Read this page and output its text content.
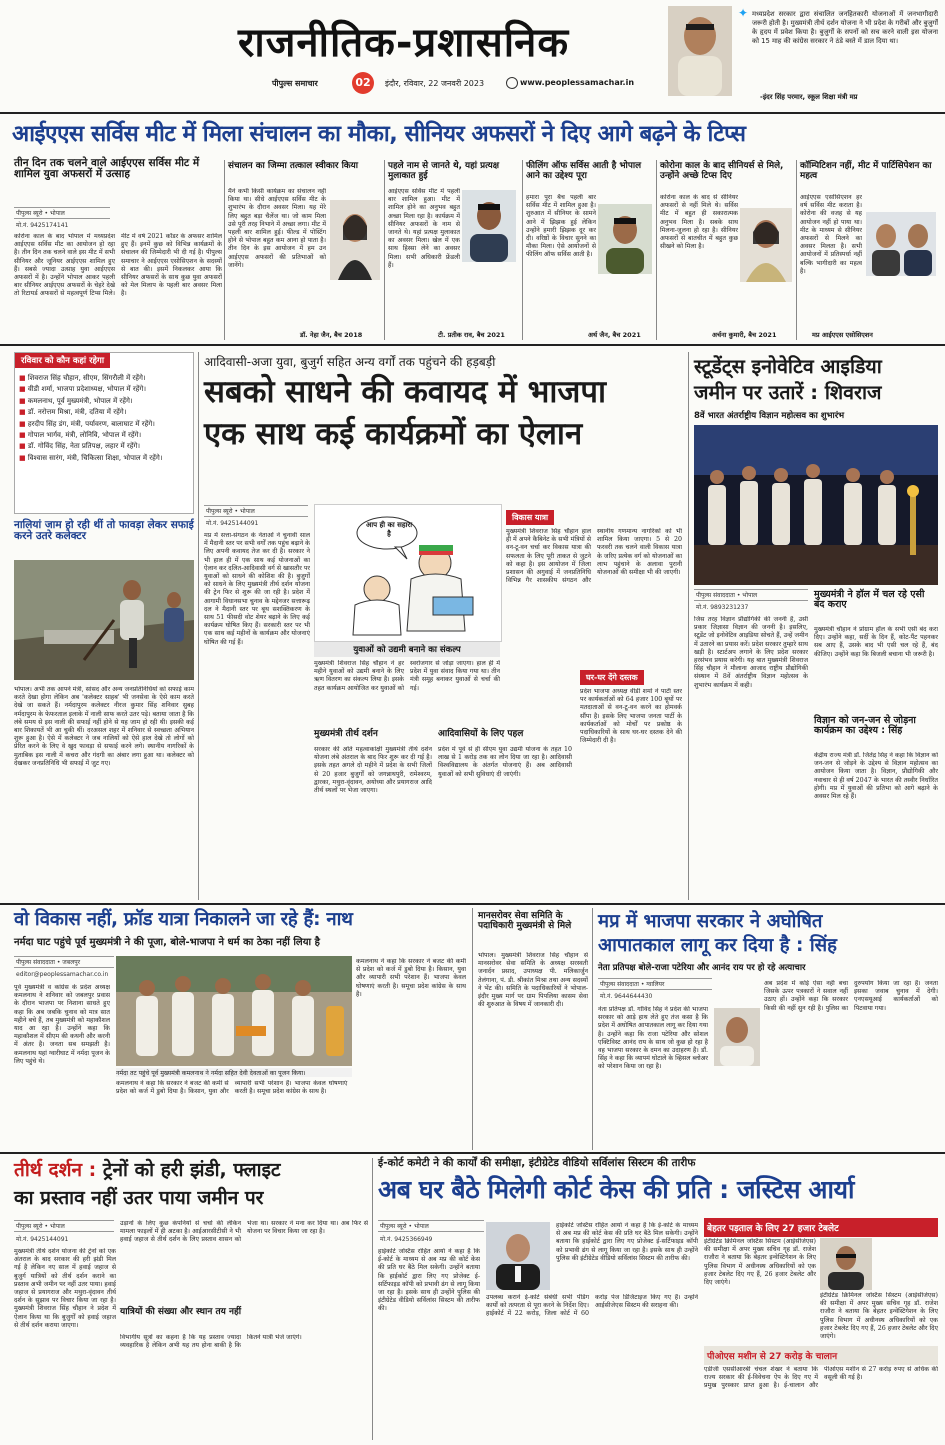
राजनीतिक-प्रशासनिक
पीपुल्स समाचार	02	इंदौर, रविवार, 22 जनवरी 2023	www.peoplessamachar.in
✦ मध्यप्रदेश सरकार द्वारा संचालित जनहितकारी योजनाओं में जनभागीदारी जरूरी होती है। मुख्यमंत्री तीर्थ दर्शन योजना ने भी प्रदेश के गरीबों और बुजुर्गों के हृदय में प्रवेश किया है। बुजुर्गों के सपनों को सच करने वाली इस योजना को 15 माह की कांग्रेस सरकार ने ठंडे बस्ते में डाल दिया था।
-इंदर सिंह परमार, स्कूल शिक्षा मंत्री मप्र
आईएएस सर्विस मीट में मिला संचालन का मौका, सीनियर अफसरों ने दिए आगे बढ़ने के टिप्स
तीन दिन तक चलने वाले आईएएस सर्विस मीट में शामिल युवा अफसरों में उत्साह
पीपुल्स ब्यूरो • भोपाल
मो.नं. 9425174141
कोरोना काल के बाद भोपाल में मध्यप्रदेश आईएएस सर्विस मीट का आयोजन हो रहा है। तीन दिन तक चलने वाले इस मीट में सभी सीनियर और जूनियर आईएएस शामिल हुए हैं। सबसे ज्यादा उत्साह युवा आईएएस अफसरों में है। उन्होंने भोपाल आकर पहली बार सीनियर आईएएस अफसरों के चेहरे देखे तो रिटायर्ड अफसरों से महत्वपूर्ण टिप्स मिले। मीट में वर्ष 2021 कॉडर के अफसर शामिल हुए हैं। इनमें कुछ को विभिन्न कार्यक्रमों के संचालन की जिम्मेदारी भी दी गई है। पीपुल्स समाचार ने आईएएस एसोसिएशन के सदस्यों से बात की। इसमें निकलकर आया कि सीनियर अफसरों के साथ कुछ युवा अफसरों को मेल मिलाप के पहली बार अवसर मिला है।
संचालन का जिम्मा तत्काल स्वीकार किया
मैंने कभी किसी कार्यक्रम का संचालन नहीं किया था। सीधे आईएएस सर्विस मीट के शुभारंभ के दौरान अवसर मिला। यह मेरे लिए बहुत बड़ा चैलेंज था। जो काम मिला उसे पूरी तरह निभाने में अच्छा लगा। मीट में पहली बार शामिल हुई। फील्ड में पोस्टिंग होने से भोपाल बहुत कम आना हो पाता है। तीन दिन के इस आयोजन में हम उन आईएएस अफसरों की प्रतिभाओं को जानेंगे।
डॉ. नेहा जैन, बैच 2018
पहले नाम से जानते थे, यहां प्रत्यक्ष मुलाकात हुई
आईएएस सर्विस मीट में पहली बार शामिल हुआ। मीट में शामिल होने का अनुभव बहुत अच्छा मिला रहा है। कार्यक्रम में सीनियर अफसरों के नाम से जानते थे। यहां प्रत्यक्ष मुलाकात का अवसर मिला। खेल में एक साथ हिस्सा लेने का अवसर मिला। सभी अधिकारी फ्रेंडली हैं।
टी. प्रतीक राव, बैच 2021
फीलिंग ऑफ सर्विस आती है भोपाल आने का उद्देश्य पूरा
हमारा पूरा बैच पहली बार सर्विस मीट में शामिल हुआ है। शुरुआत में सीनियर के सामने आने में झिझक हुई लेकिन उन्होंने हमारी झिझक दूर कर दी। वरिष्ठों के विचार सुनने का मौका मिला। ऐसे आयोजनों से फीलिंग ऑफ सर्विस आती है।
अर्थ जैन, बैच 2021
कोरोना काल के बाद सीनियर्स से मिले, उन्होंने अच्छे टिप्स दिए
कोरोना काल के बाद से सीनियर अफसरों से नहीं मिले थे। सर्विस मीट में बहुत ही सकारात्मक अनुभव मिला है। सबके साथ मिलना-जुलना हो रहा है। सीनियर अफसरों से बातचीत में बहुत कुछ सीखने को मिला है।
अर्चना कुमारी, बैच 2021
कॉम्पिटिशन नहीं, मीट में पार्टिसिपेशन का महत्व
आईएएस एसोसिएशन हर वर्ष सर्विस मीट कराता है। कोरोना की वजह से यह आयोजन नहीं हो पाया था। मीट के माध्यम से सीनियर अफसरों से मिलने का अवसर मिलता है। सभी आयोजनों में प्रतिस्पर्धा नहीं बल्कि भागीदारी का महत्व है।
मप्र आईएएस एसोसिएशन
रविवार को कौन कहां रहेगा
■ शिवराज सिंह चौहान, सीएम, सिंगरौली में रहेंगे।
■ वीडी शर्मा, भाजपा प्रदेशाध्यक्ष, भोपाल में रहेंगे।
■ कमलनाथ, पूर्व मुख्यमंत्री, भोपाल में रहेंगे।
■ डॉ. नरोत्तम मिश्रा, मंत्री, दतिया में रहेंगे।
■ हरदीप सिंह डंग, मंत्री, पर्यावरण, बालाघाट में रहेंगे।
■ गोपाल भार्गव, मंत्री, लोनिवि, भोपाल में रहेंगे।
■ डॉ. गोविंद सिंह, नेता प्रतिपक्ष, लहार में रहेंगे।
■ विश्वास सारंग, मंत्री, चिकित्सा शिक्षा, भोपाल में रहेंगे।
नालियां जाम हो रही थीं तो फावड़ा लेकर सफाई करने उतरे कलेक्टर
भोपाल। अभी तक आपने मंत्री, सांसद और अन्य जनप्रतिनिधियों को सफाई काम करते देखा होगा लेकिन अब 'कलेक्टर साहब' भी जनसेवा के ऐसे काम करते देखे जा सकते हैं। नर्मदापुरम कलेक्टर नीरज कुमार सिंह शनिवार सुबह नर्मदापुरम के फेफरताल इलाके में नाली साफ करते उतर पड़े। बताया जाता है कि लंबे समय से इस नाली की सफाई नहीं होने से यह जाम हो रही थी। इसकी कई बार शिकायतें भी आ चुकी थीं। दरअसल शहर में शनिवार से स्वच्छता अभियान शुरू हुआ है। ऐसे में कलेक्टर ने जब नालियों को ऐसे हाल देखे तो लोगों को प्रेरित करने के लिए वे खुद फावड़ा से सफाई करने लगे। स्थानीय नागरिकों के मुताबिक इस नाली में कचरा और गंदगी का अंबार लगा हुआ था। कलेक्टर को देखकर जनप्रतिनिधि भी सफाई में जुट गए।
आदिवासी-अजा युवा, बुजुर्ग सहित अन्य वर्गों तक पहुंचने की हड़बड़ी
सबको साधने की कवायद में भाजपा
एक साथ कई कार्यक्रमों का ऐलान
पीपुल्स ब्यूरो • भोपाल
मो.नं. 9425144091
मप्र में सत्ता-संगठन के नेताओं ने चुनावी साल में मैदानी स्तर पर सभी वर्गों तक पहुंच बढ़ाने के लिए अपनी कवायद तेज कर दी है। सरकार ने भी हाल ही में एक साथ कई योजनाओं का ऐलान कर दलित-आदिवासी वर्ग से खासतौर पर युवाओं को साधने की कोशिश की है। बुजुर्गों को साधने के लिए मुख्यमंत्री तीर्थ दर्शन योजना की ट्रेन फिर से शुरू की जा रही है। प्रदेश में आगामी विधानसभा चुनाव के मद्देनजर सत्तारूढ़ दल ने मैदानी स्तर पर बूथ सशक्तिकरण के साथ 51 फीसदी वोट शेयर बढ़ाने के लिए कई कार्यक्रम घोषित किए हैं। सरकारी स्तर पर भी एक साथ कई महीनों के कार्यक्रम और योजनाएं घोषित की गई हैं।
आप ही का सहारा है
युवाओं को उद्यमी बनाने का संकल्प
मुख्यमंत्री शिवराज सिंह चौहान ने हर महीने युवाओं को उद्यमी बनाने के लिए ऋण वितरण का संकल्प लिया है। इसके तहत कार्यक्रम आयोजित कर युवाओं को स्वरोजगार से जोड़ा जाएगा। हाल ही में प्रदेश में युवा संवाद किया गया था। तीन मंत्री समूह बनाकर युवाओं से चर्चा की गई।
मुख्यमंत्री तीर्थ दर्शन
सरकार की अति महत्वाकांक्षी मुख्यमंत्री तीर्थ दर्शन योजना लंबे अंतराल के बाद फिर शुरू कर दी गई है। इसके तहत अगले दो महीने में प्रदेश के सभी जिलों से 20 हजार बुजुर्गों को जगन्नाथपुरी, रामेश्वरम, द्वारका, मथुरा-वृंदावन, अयोध्या और प्रयागराज आदि तीर्थ स्थलों पर भेजा जाएगा।
आदिवासियों के लिए पहल
प्रदेश में पूर्व से ही सीएम युवा उद्यमी योजना के तहत 10 लाख से 1 करोड़ तक का लोन दिया जा रहा है। आदिवासी विश्वविद्यालय के अंतर्गत योजनाएं हैं। अब आदिवासी युवाओं को सभी सुविधाएं दी जाएंगी।
विकास यात्रा
मुख्यमंत्री शिवराज सिंह चौहान हाल ही में अपने कैबिनेट के सभी मंत्रियों से वन-टू-वन चर्चा कर विकास यात्रा की सफलता के लिए पूरी ताकत से जुटने को कहा है। इस आयोजन में जिला प्रशासन की अगुवाई में जनप्रतिनिधि विभिन्न गैर शासकीय संगठन और स्थानीय गणमान्य नागरिकों को भी शामिल किया जाएगा। 5 से 20 फरवरी तक चलने वाली विकास यात्रा के जरिए प्रत्येक वर्ग को योजनाओं का लाभ पहुंचाने के अलावा पुरानी योजनाओं की समीक्षा भी की जाएगी।
घर-घर देंगे दस्तक
प्रदेश भाजपा अध्यक्ष वीडी शर्मा ने पार्टी स्तर पर कार्यकर्ताओं को 64 हजार 100 बूथों पर मतदाताओं से वन-टू-वन करने का होमवर्क सौंपा है। इसके लिए भाजपा जनता पार्टी के कार्यकर्ताओं को मोर्चों पर प्रकोष्ठ के पदाधिकारियों के साथ घर-घर दस्तक देने की जिम्मेदारी दी है।
स्टूडेंट्स इनोवेटिव आइडिया
जमीन पर उतारें : शिवराज
8वें भारत अंतर्राष्ट्रीय विज्ञान महोत्सव का शुभारंभ
पीपुल्स संवाददाता • भोपाल
मो.नं. 9893231237
मुख्यमंत्री ने हॉल में चल रहे एसी बंद कराए
मुख्यमंत्री चौहान ने प्रोग्राम हॉल के सभी एसी बंद करा दिए। उन्होंने कहा, सर्दी के दिन हैं, कोट-पैंट पहनकर सब आए हैं, उसके बाद भी एसी चल रहे हैं, बंद कीजिए। उन्होंने कहा कि बिजली बचाना भी जरूरी है।
जिस तरह विज्ञान प्रौद्योगिकी की जननी है, उसी प्रकार जिज्ञासा विज्ञान की जननी है। इसलिए, स्टूडेंट जो इनोवेटिव आइडिया सोचते हैं, उन्हें जमीन में उतारने का प्रयास करें। प्रदेश सरकार तुम्हारे साथ खड़ी है। स्टार्टअप लगाने के लिए प्रदेश सरकार हरसंभव प्रयास करेगी। यह बात मुख्यमंत्री शिवराज सिंह चौहान ने मौलाना आजाद राष्ट्रीय प्रौद्योगिकी संस्थान में 8वें अंतर्राष्ट्रीय विज्ञान महोत्सव के शुभारंभ कार्यक्रम में कही।
विज्ञान को जन-जन से जोड़ना कार्यक्रम का उद्देश्य : सिंह
केंद्रीय राज्य मंत्री डॉ. जितेंद्र सिंह ने कहा कि विज्ञान को जन-जन से जोड़ने के उद्देश्य से विज्ञान महोत्सव का आयोजन किया जाता है। विज्ञान, प्रौद्योगिकी और नवाचार से ही वर्ष 2047 के भारत की तस्वीर निर्धारित होगी। मप्र में युवाओं की प्रतिभा को आगे बढ़ाने के अवसर मिल रहे हैं।
वो विकास नहीं, फ्रॉड यात्रा निकालने जा रहे हैं: नाथ
नर्मदा घाट पहुंचे पूर्व मुख्यमंत्री ने की पूजा, बोले-भाजपा ने धर्म का ठेका नहीं लिया है
पीपुल्स संवाददाता • जबलपुर
editor@peoplessamachar.co.in
पूर्व मुख्यमंत्री व कांग्रेस के प्रदेश अध्यक्ष कमलनाथ ने शनिवार को जबलपुर प्रवास के दौरान भाजपा पर निशाना साधते हुए कहा कि अब जबकि चुनाव को मात्र सात महीने बचे हैं, तब मुख्यमंत्री को महाकौशल याद आ रहा है। उन्होंने कहा कि महाकौशल में सीएम की कथनी और करनी में अंतर है। जनता सब समझती है। कमलनाथ यहां ग्वारीघाट में नर्मदा पूजन के लिए पहुंचे थे।
नर्मदा तट पहुंचे पूर्व मुख्यमंत्री कमलनाथ ने नर्मदा सहित देवी देवताओं का पूजन किया।
कमलनाथ ने कहा कि सरकार ने बजट की कमी से प्रदेश को कर्ज में डुबो दिया है। किसान, युवा और व्यापारी सभी परेशान हैं। भाजपा केवल घोषणाएं करती है। समूचा प्रदेश कांग्रेस के साथ है।
कमलनाथ ने कहा कि सरकार ने बजट की कमी से प्रदेश को कर्ज में डुबो दिया है। किसान, युवा और व्यापारी सभी परेशान हैं। भाजपा केवल घोषणाएं करती है। समूचा प्रदेश कांग्रेस के साथ है।
मानसरोवर सेवा समिति के पदाधिकारी मुख्यमंत्री से मिले
भोपाल। मुख्यमंत्री शिवराज सिंह चौहान से मानसरोवर सेवा समिति के अध्यक्ष सरस्वती जनार्दन प्रसाद, उपाध्यक्ष पी. मलिकार्जुन तेलंगाना, पं. डी. श्रीकांत मिश्रा तथा अन्य सदस्यों ने भेंट की। समिति के पदाधिकारियों ने भोपाल-इंदौर मुख्य मार्ग पर ग्राम पिपलिया कासम सेवा की शुरुआत के विषय में जानकारी दी।
मप्र में भाजपा सरकार ने अघोषित
आपातकाल लागू कर दिया है : सिंह
नेता प्रतिपक्ष बोले-राजा पटेरिया और आनंद राय पर हो रहे अत्याचार
पीपुल्स संवाददाता • ग्वालियर
मो.नं. 9644644430
नेता प्रतिपक्ष डॉ. गोविंद सिंह ने प्रदेश की भाजपा सरकार को आड़े हाथ लेते हुए तंज कसा है कि प्रदेश में अघोषित आपातकाल लागू कर दिया गया है। उन्होंने कहा कि राजा पटेरिया और सोशल एक्टिविस्ट आनंद राय के साथ जो कुछ हो रहा है वह भाजपा सरकार के दमन का उदाहरण है। डॉ. सिंह ने कहा कि व्यापमं घोटाले के व्हिसल ब्लोअर को परेशान किया जा रहा है।
अब प्रदेश में कोई ऐसा नहीं बचा जिसके ऊपर पत्रकारों ने सवाल नहीं उठाए हों। उन्होंने कहा कि सरकार किसी की नहीं सुन रही है। पुलिस का दुरुपयोग किया जा रहा है। जनता इसका जवाब चुनाव में देगी। एनएसयूआई कार्यकर्ताओं को पिटवाया गया।
तीर्थ दर्शन : ट्रेनों को हरी झंडी, फ्लाइट
का प्रस्ताव नहीं उतर पाया जमीन पर
पीपुल्स ब्यूरो • भोपाल
मो.नं. 9425144091
मुख्यमंत्री तीर्थ दर्शन योजना की ट्रेनों को एक अंतराल के बाद सरकार की हरी झंडी मिल गई है लेकिन नए साल में हवाई जहाज से बुजुर्ग यात्रियों को तीर्थ दर्शन कराने का प्रस्ताव अभी जमीन पर नहीं उतर पाया। हवाई जहाज से प्रयागराज और मथुरा-वृंदावन तीर्थ दर्शन के सुझाव पर विचार किया जा रहा है। मुख्यमंत्री शिवराज सिंह चौहान ने प्रदेश में ऐलान किया था कि बुजुर्गों को हवाई जहाज से तीर्थ दर्शन कराया जाएगा।
उड़ानों के लिए कुछ कंपनियों से चर्चा की लेकिन मामला फाइलों में ही अटका है। आईआरसीटीसी ने भी हवाई जहाज से तीर्थ दर्शन के लिए प्रस्ताव शासन को भेजा था। सरकार ने मना कर दिया था। अब फिर से योजना पर विचार किया जा रहा है।
यात्रियों की संख्या और स्थान तय नहीं
विभागीय सूत्रों का कहना है कि यह प्रस्ताव ज्यादा व्यवहारिक है लेकिन अभी यह तय होना बाकी है कि कितने यात्री भेजे जाएंगे।
ई-कोर्ट कमेटी ने की कार्यों की समीक्षा, इंटीग्रेटेड वीडियो सर्विलांस सिस्टम की तारीफ
अब घर बैठे मिलेगी कोर्ट केस की प्रति : जस्टिस आर्या
पीपुल्स ब्यूरो • भोपाल
मो.नं. 9425366949
हाईकोर्ट जस्टिस रोहित आर्या ने कहा है कि ई-कोर्ट के माध्यम से अब मप्र की कोर्ट केस की प्रति घर बैठे मिल सकेगी। उन्होंने बताया कि हाईकोर्ट द्वारा लिए गए प्रोजेक्ट ई-सर्टिफाइड कॉपी को प्रभावी ढंग से लागू किया जा रहा है। इसके साथ ही उन्होंने पुलिस की इंटीग्रेटेड वीडियो सर्विलांस सिस्टम की तारीफ की।
उपलब्ध कराने ई-कोर्ट संबंधी सभी पेंडिंग कार्यों को तत्परता से पूरा करने के निर्देश दिए। हाईकोर्ट में 22 करोड़, जिला कोर्ट में 60 करोड़ पेज डिजिटाइज किए गए हैं। उन्होंने आईसीजेएस सिस्टम की सराहना की।
हाईकोर्ट जस्टिस रोहित आर्या ने कहा है कि ई-कोर्ट के माध्यम से अब मप्र की कोर्ट केस की प्रति घर बैठे मिल सकेगी। उन्होंने बताया कि हाईकोर्ट द्वारा लिए गए प्रोजेक्ट ई-सर्टिफाइड कॉपी को प्रभावी ढंग से लागू किया जा रहा है। इसके साथ ही उन्होंने पुलिस की इंटीग्रेटेड वीडियो सर्विलांस सिस्टम की तारीफ की।
बेहतर पड़ताल के लिए 27 हजार टेबलेट
इंटीग्रेटेड क्रिमिनल जस्टिस सिस्टम (आईसीजेएस) की समीक्षा में अपर मुख्य सचिव गृह डॉ. राजेश राजौरा ने बताया कि बेहतर इन्वेस्टिगेशन के लिए पुलिस विभाग में अधीनस्थ अधिकारियों को एक हजार टेबलेट दिए गए हैं, 26 हजार टेबलेट और दिए जाएंगे।
इंटीग्रेटेड क्रिमिनल जस्टिस सिस्टम (आईसीजेएस) की समीक्षा में अपर मुख्य सचिव गृह डॉ. राजेश राजौरा ने बताया कि बेहतर इन्वेस्टिगेशन के लिए पुलिस विभाग में अधीनस्थ अधिकारियों को एक हजार टेबलेट दिए गए हैं, 26 हजार टेबलेट और दिए जाएंगे।
पीओएस मशीन से 27 करोड़ के चालान
एडीजी एससीआरबी चंचल शेखर ने बताया कि राज्य सरकार की ई-विवेचना ऐप के दिए गए में प्रमुख पुरस्कार प्राप्त हुआ है। ई-चालान और पीओएस मशीन से 27 करोड़ रुपए से अधिक की वसूली की गई है।
